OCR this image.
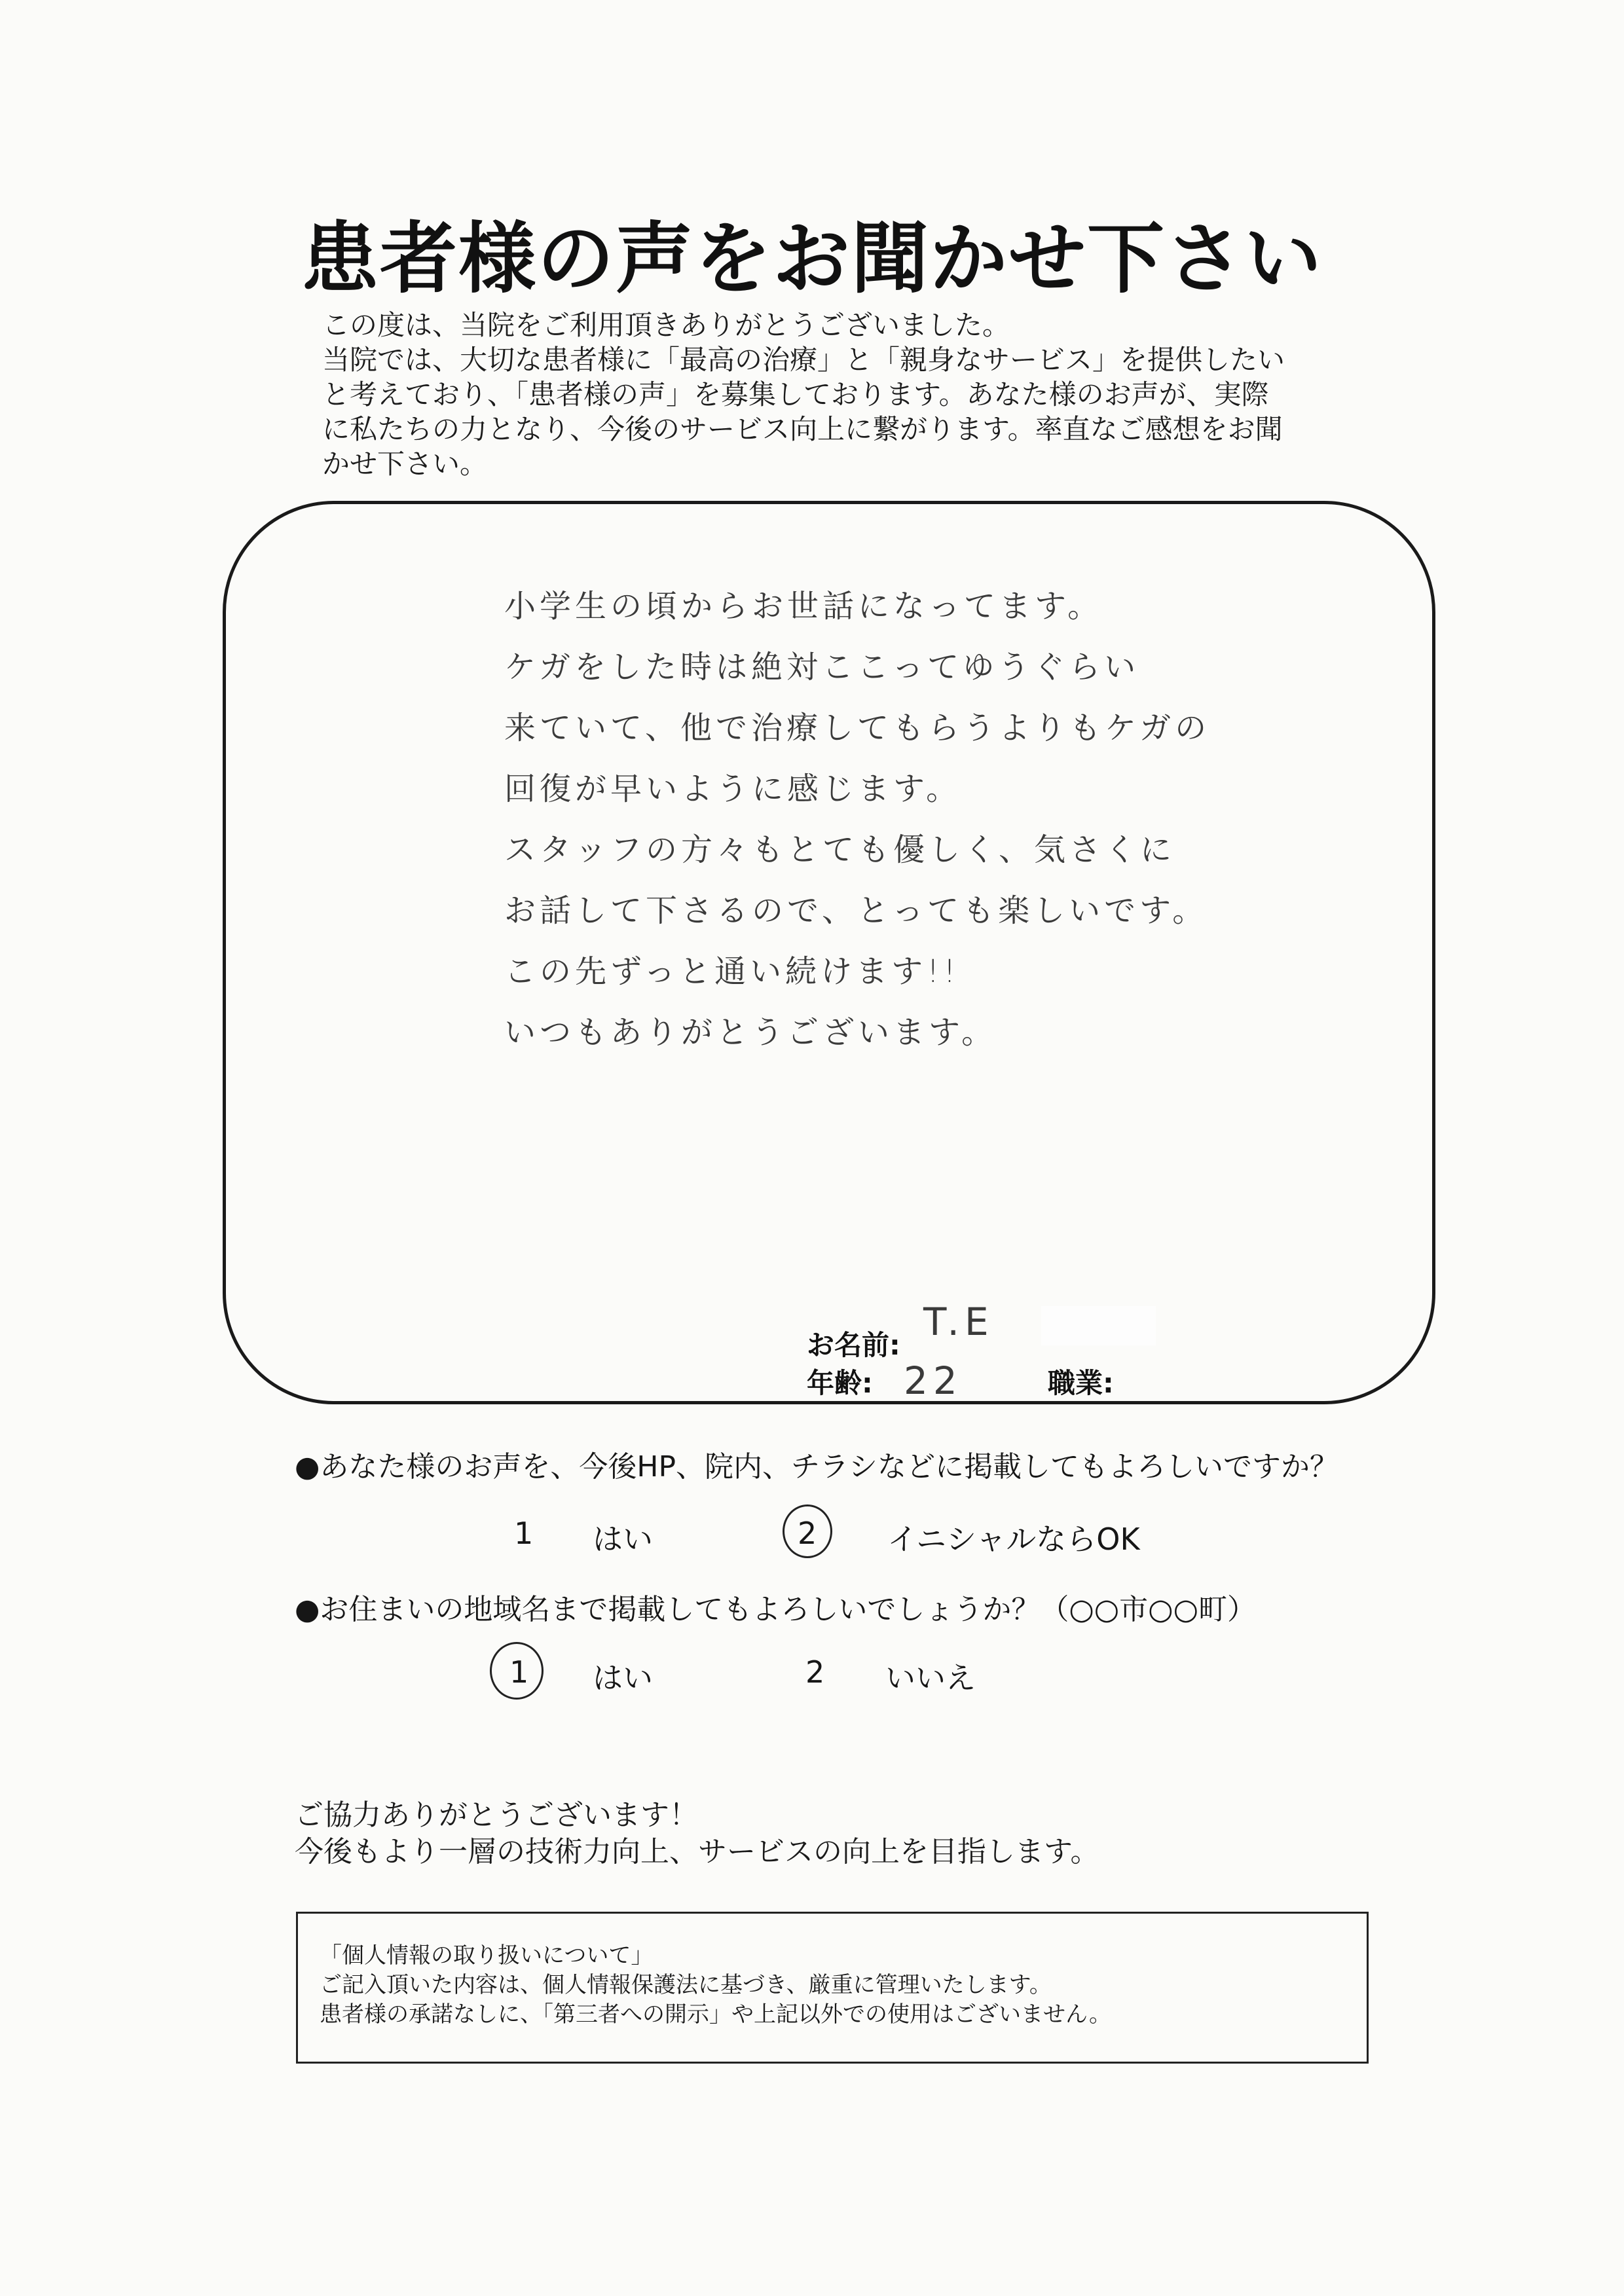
患者様の声をお聞かせ下さい
この度は、当院をご利用頂きありがとうございました。
当院では、大切な患者様に「最高の治療」と「親身なサービス」を提供したい
と考えており、「患者様の声」を募集しております。あなた様のお声が、実際
に私たちの力となり、今後のサービス向上に繋がります。率直なご感想をお聞
かせ下さい。
小学生の頃からお世話になってます。
ケガをした時は絶対ここってゆうぐらい
来ていて、他で治療してもらうよりもケガの
回復が早いように感じます。
スタッフの方々もとても優しく、気さくに
お話して下さるので、とっても楽しいです。
この先ずっと通い続けます!!
いつもありがとうございます。
お名前:
T.E
年齢: 22	職業:
●あなた様のお声を、今後HP、院内、チラシなどに掲載してもよろしいですか？
1 はい	2 イニシャルならOK
●お住まいの地域名まで掲載してもよろしいでしょうか？（○○市○○町）
1 はい	2 いいえ
ご協力ありがとうございます！
今後もより一層の技術力向上、サービスの向上を目指します。
「個人情報の取り扱いについて」
ご記入頂いた内容は、個人情報保護法に基づき、厳重に管理いたします。
患者様の承諾なしに、「第三者への開示」や上記以外での使用はございません。
